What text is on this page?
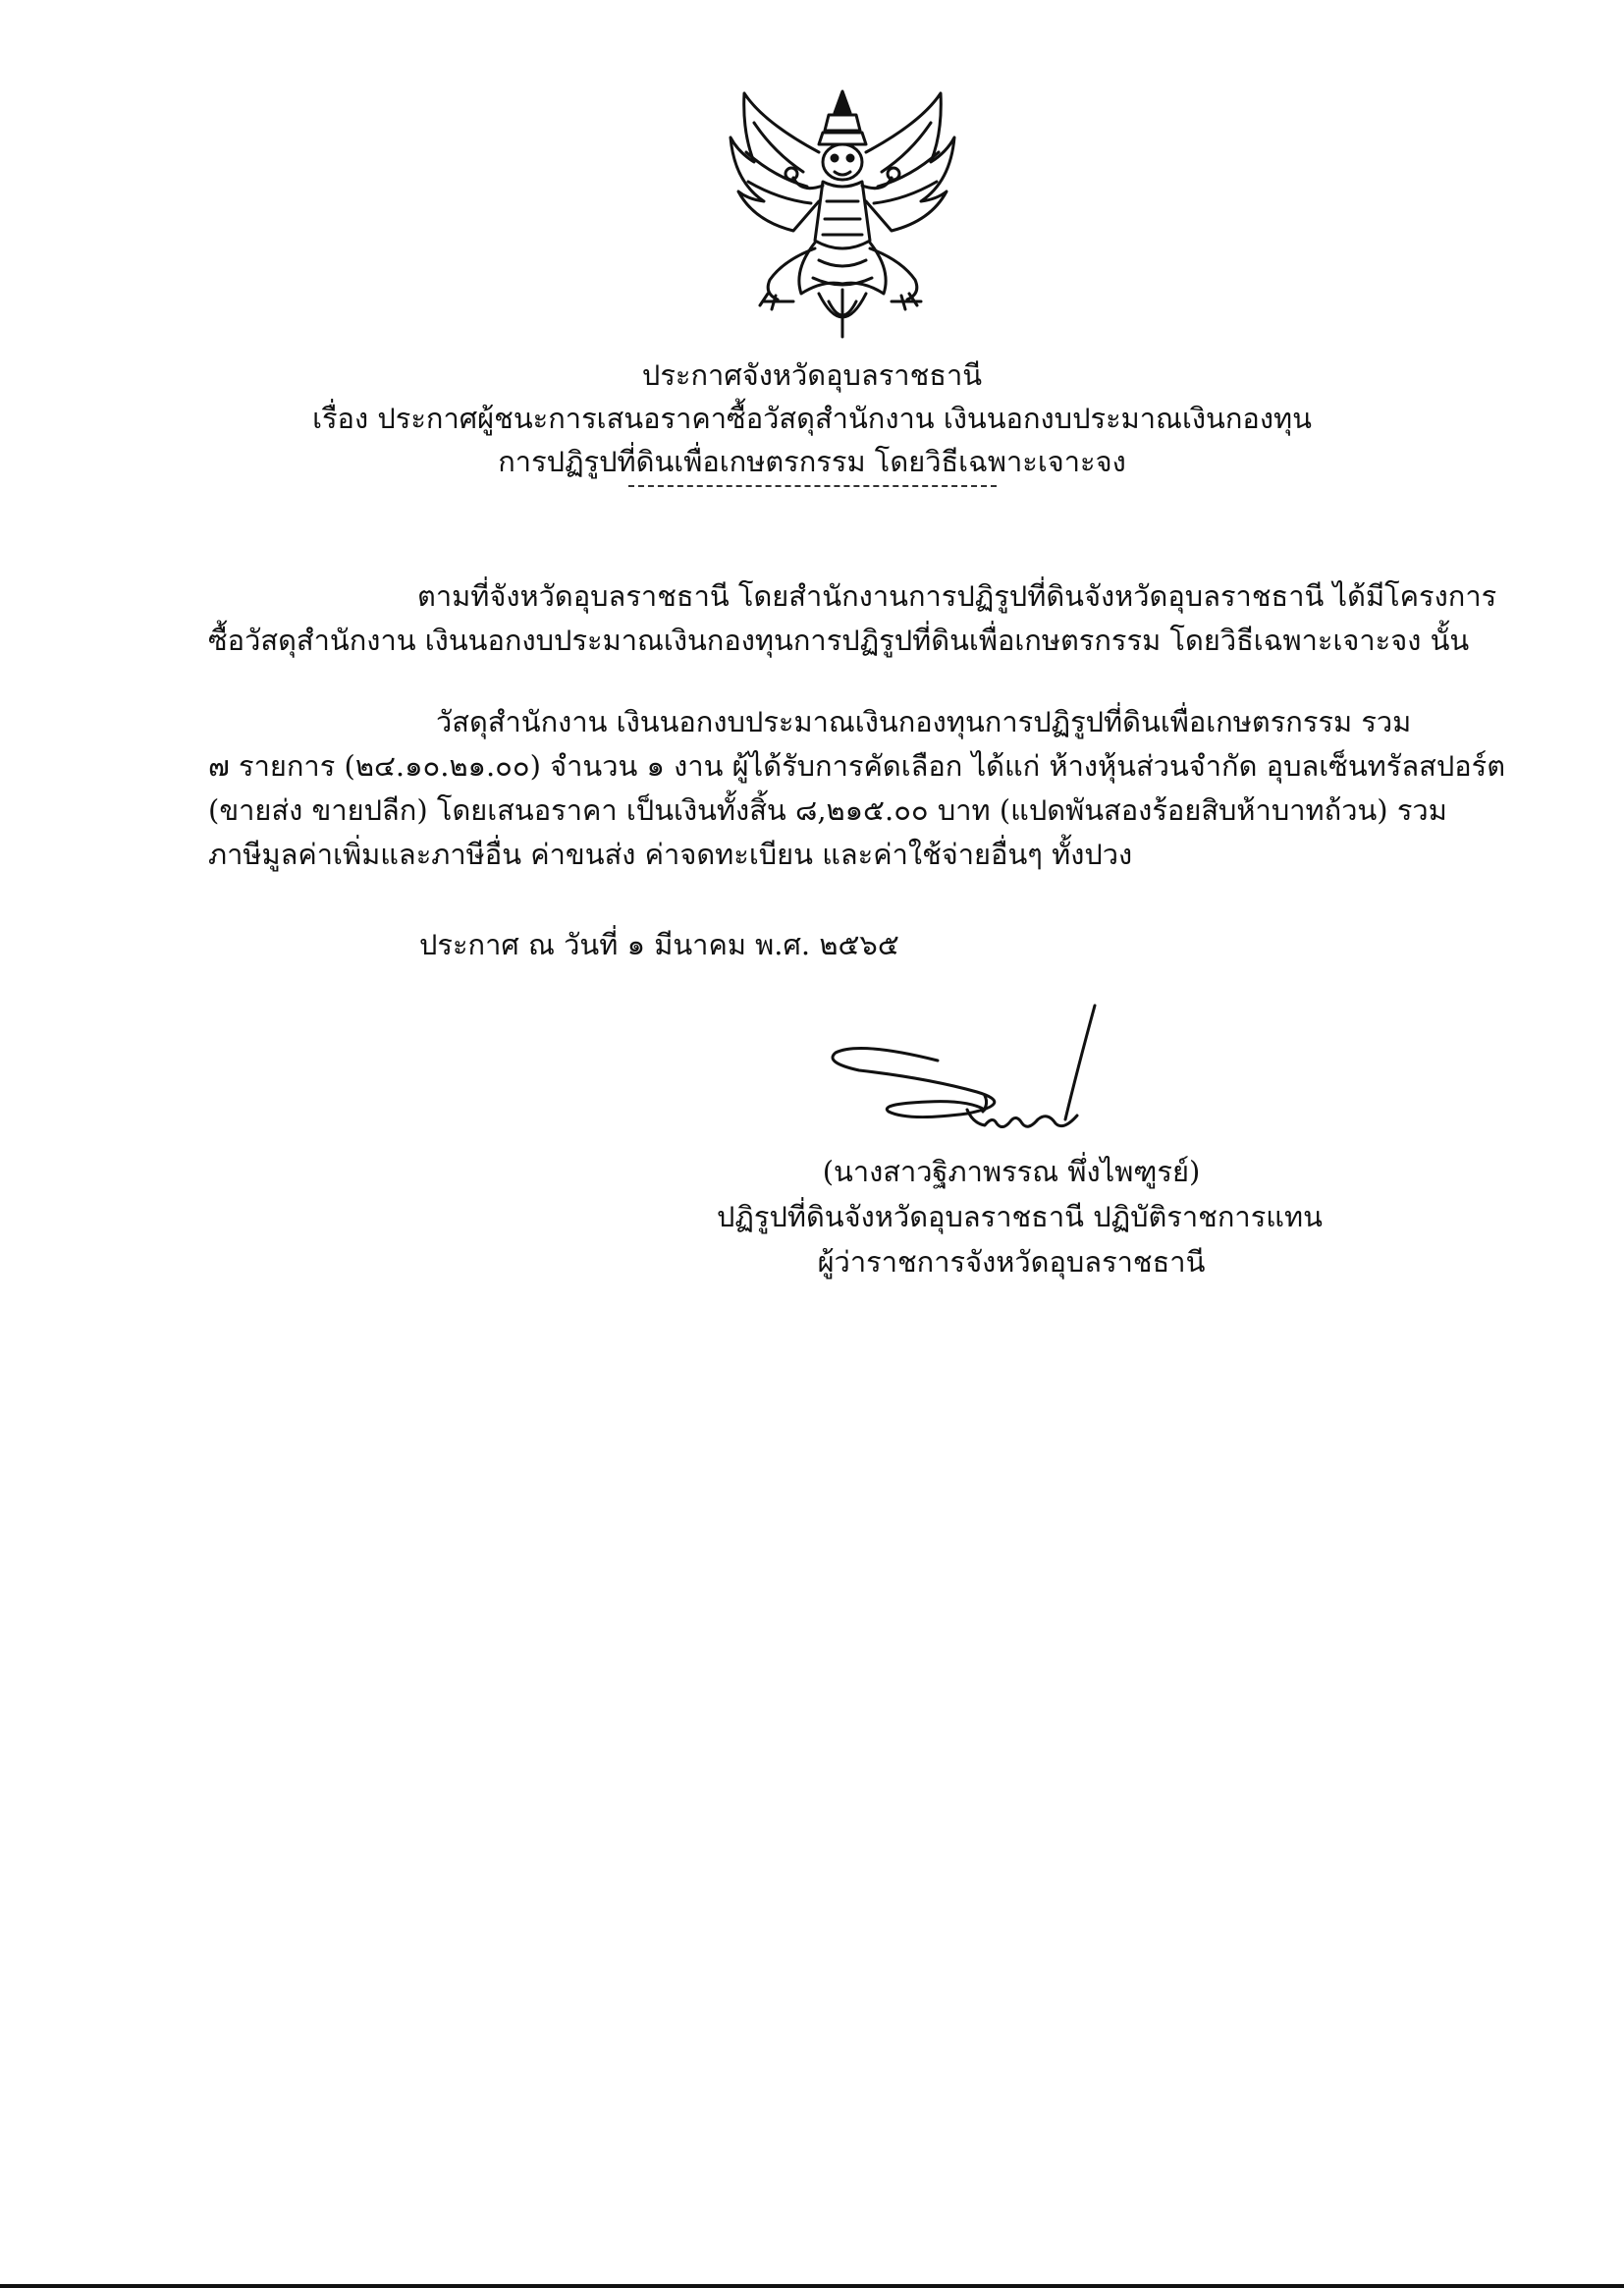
ประกาศจังหวัดอุบลราชธานี
เรื่อง ประกาศผู้ชนะการเสนอราคาซื้อวัสดุสำนักงาน เงินนอกงบประมาณเงินกองทุน
การปฏิรูปที่ดินเพื่อเกษตรกรรม โดยวิธีเฉพาะเจาะจง
ตามที่จังหวัดอุบลราชธานี โดยสำนักงานการปฏิรูปที่ดินจังหวัดอุบลราชธานี ได้มีโครงการ
ซื้อวัสดุสำนักงาน เงินนอกงบประมาณเงินกองทุนการปฏิรูปที่ดินเพื่อเกษตรกรรม โดยวิธีเฉพาะเจาะจง นั้น
วัสดุสำนักงาน เงินนอกงบประมาณเงินกองทุนการปฏิรูปที่ดินเพื่อเกษตรกรรม รวม
๗ รายการ (๒๔.๑๐.๒๑.๐๐) จำนวน ๑ งาน ผู้ได้รับการคัดเลือก ได้แก่ ห้างหุ้นส่วนจำกัด อุบลเซ็นทรัลสปอร์ต
(ขายส่ง ขายปลีก) โดยเสนอราคา เป็นเงินทั้งสิ้น ๘,๒๑๕.๐๐ บาท (แปดพันสองร้อยสิบห้าบาทถ้วน) รวม
ภาษีมูลค่าเพิ่มและภาษีอื่น ค่าขนส่ง ค่าจดทะเบียน และค่าใช้จ่ายอื่นๆ ทั้งปวง
ประกาศ ณ วันที่ ๑ มีนาคม พ.ศ. ๒๕๖๕
(นางสาวฐิภาพรรณ พึ่งไพฑูรย์)
ปฏิรูปที่ดินจังหวัดอุบลราชธานี ปฏิบัติราชการแทน
ผู้ว่าราชการจังหวัดอุบลราชธานี
